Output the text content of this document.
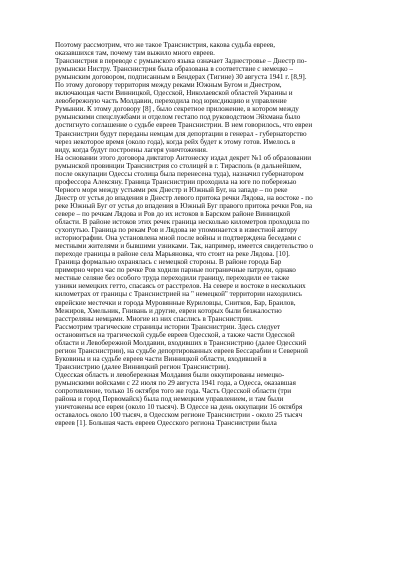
Поэтому рассмотрим, что же такое Транснистрия, какова судьба евреев,
оказавшихся там, почему там выжило много евреев.
Транснистрия в переводе с румынского языка означает Заднестровье – Днестр по-
румынски Нистру. Транснистрия была образована в соответствие с немецко –
румынским договором, подписанным в Бендерах (Тигине) 30 августа 1941 г. [8,9].
По этому договору территория между реками Южным Бугом и Днестром,
включающая части Винницкой, Одесской, Николаевской областей Украины и
левобережную часть Молдавии, переходила под юрисдикцию и управление
Румынии. К этому договору [8] , было секретное приложение, в котором между
румынскими спецслужбами и отделом гестапо под руководством Эйхмана было
достигнуто соглашение о судьбе евреев Транснистрии. В нем говорилось, что евреи
Транснистрии будут переданы немцам для депортации в генерал - губернаторство
через некоторое время (около года), когда рейх будет к этому готов. Имелось в
виду, когда будут построены лагеря уничтожения.
На основании этого договора диктатор Антонеску издал декрет №1 об образовании
румынской провинции Транснистрия со столицей в г. Тирасполь (в дальнейшем,
после оккупации Одессы столица была перенесена туда), назначил губернатором
профессора Алексяну. Граница Транснистрии проходила на юге по побережью
Черного моря между устьями рек Днестр и Южный Буг, на западе – по реке
Днестр от устья до впадения в Днестр левого притока речки Лядова, на востоке - по
реке Южный Буг от устья до впадения в Южный Буг правого притока речки Ров, на
севере – по речкам Лядова и Ров до их истоков в Барском районе Винницкой
области. В районе истоков этих речек граница несколько километров проходила по
сухопутью. Граница по рекам Ров и Лядова не упоминается в известной автору
историографии. Она установлена мной после войны и подтверждена беседами с
местными жителями и бывшими узниками. Так, например, имеется свидетельство о
переходе границы в районе села Марьяновка, что стоит на реке Лядова. [10].
Граница формально охранялась с немецкой стороны. В районе города Бар
примерно через час по речке Ров ходили парные пограничные патрули, однако
местные селяне без особого труда переходили границу, переходили ее также
узники немецких гетто, спасаясь от расстрелов. На севере и востоке в нескольких
километрах от границы с Транснистрией на " немецкой" территории находились
еврейские местечки и города Муровянные Куриловцы, Снитков, Бар, Браилов,
Межиров, Хмельник, Гнивань и другие, евреи которых были безжалостно
расстреляны немцами. Многие из них спаслись в Транснистрии.
Рассмотрим трагические страницы истории Транснистрии. Здесь следует
остановиться на трагической судьбе евреев Одесской, а также части Одесской
области и Левобережной Молдавии, входивших в Транснистрию (далее Одесский
регион Транснистрии), на судьбе депортированных евреев Бессарабии и Северной
Буковины и на судьбе евреев части Винницкой области, входившей в
Транснистрию (далее Винницкий регион Транснистрии).
Одесская область и левобережная Молдавия были оккупированы немецко-
румынскими войсками с 22 июля по 29 августа 1941 года, а Одесса, оказавшая
сопротивление, только 16 октября того же года. Часть Одесской области (три
района и город Первомайск) была под немецким управлением, и там были
уничтожены все евреи (около 10 тысяч). В Одессе на день оккупации 16 октября
оставалось около 100 тысяч, в Одесском регионе Транснистрии - около 25 тысяч
евреев [1]. Большая часть евреев Одесского региона Транснистрии была
